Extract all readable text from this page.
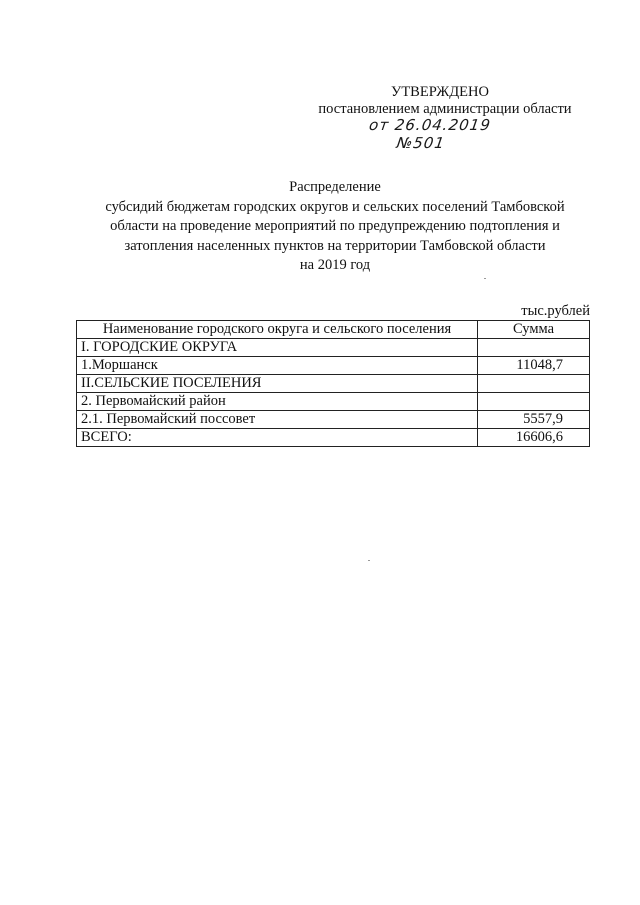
УТВЕРЖДЕНО
постановлением администрации области
от 26.04.2019 №501
Распределение
субсидий бюджетам городских округов и сельских поселений Тамбовской
области на проведение мероприятий по предупреждению подтопления и
затопления населенных пунктов на территории Тамбовской области
на 2019 год
тыс.рублей
Наименование городского округа и сельского поселения	Сумма
I. ГОРОДСКИЕ ОКРУГА	
1.Моршанск	11048,7
II.СЕЛЬСКИЕ ПОСЕЛЕНИЯ	
2. Первомайский район	
2.1. Первомайский поссовет	5557,9
ВСЕГО:	16606,6
